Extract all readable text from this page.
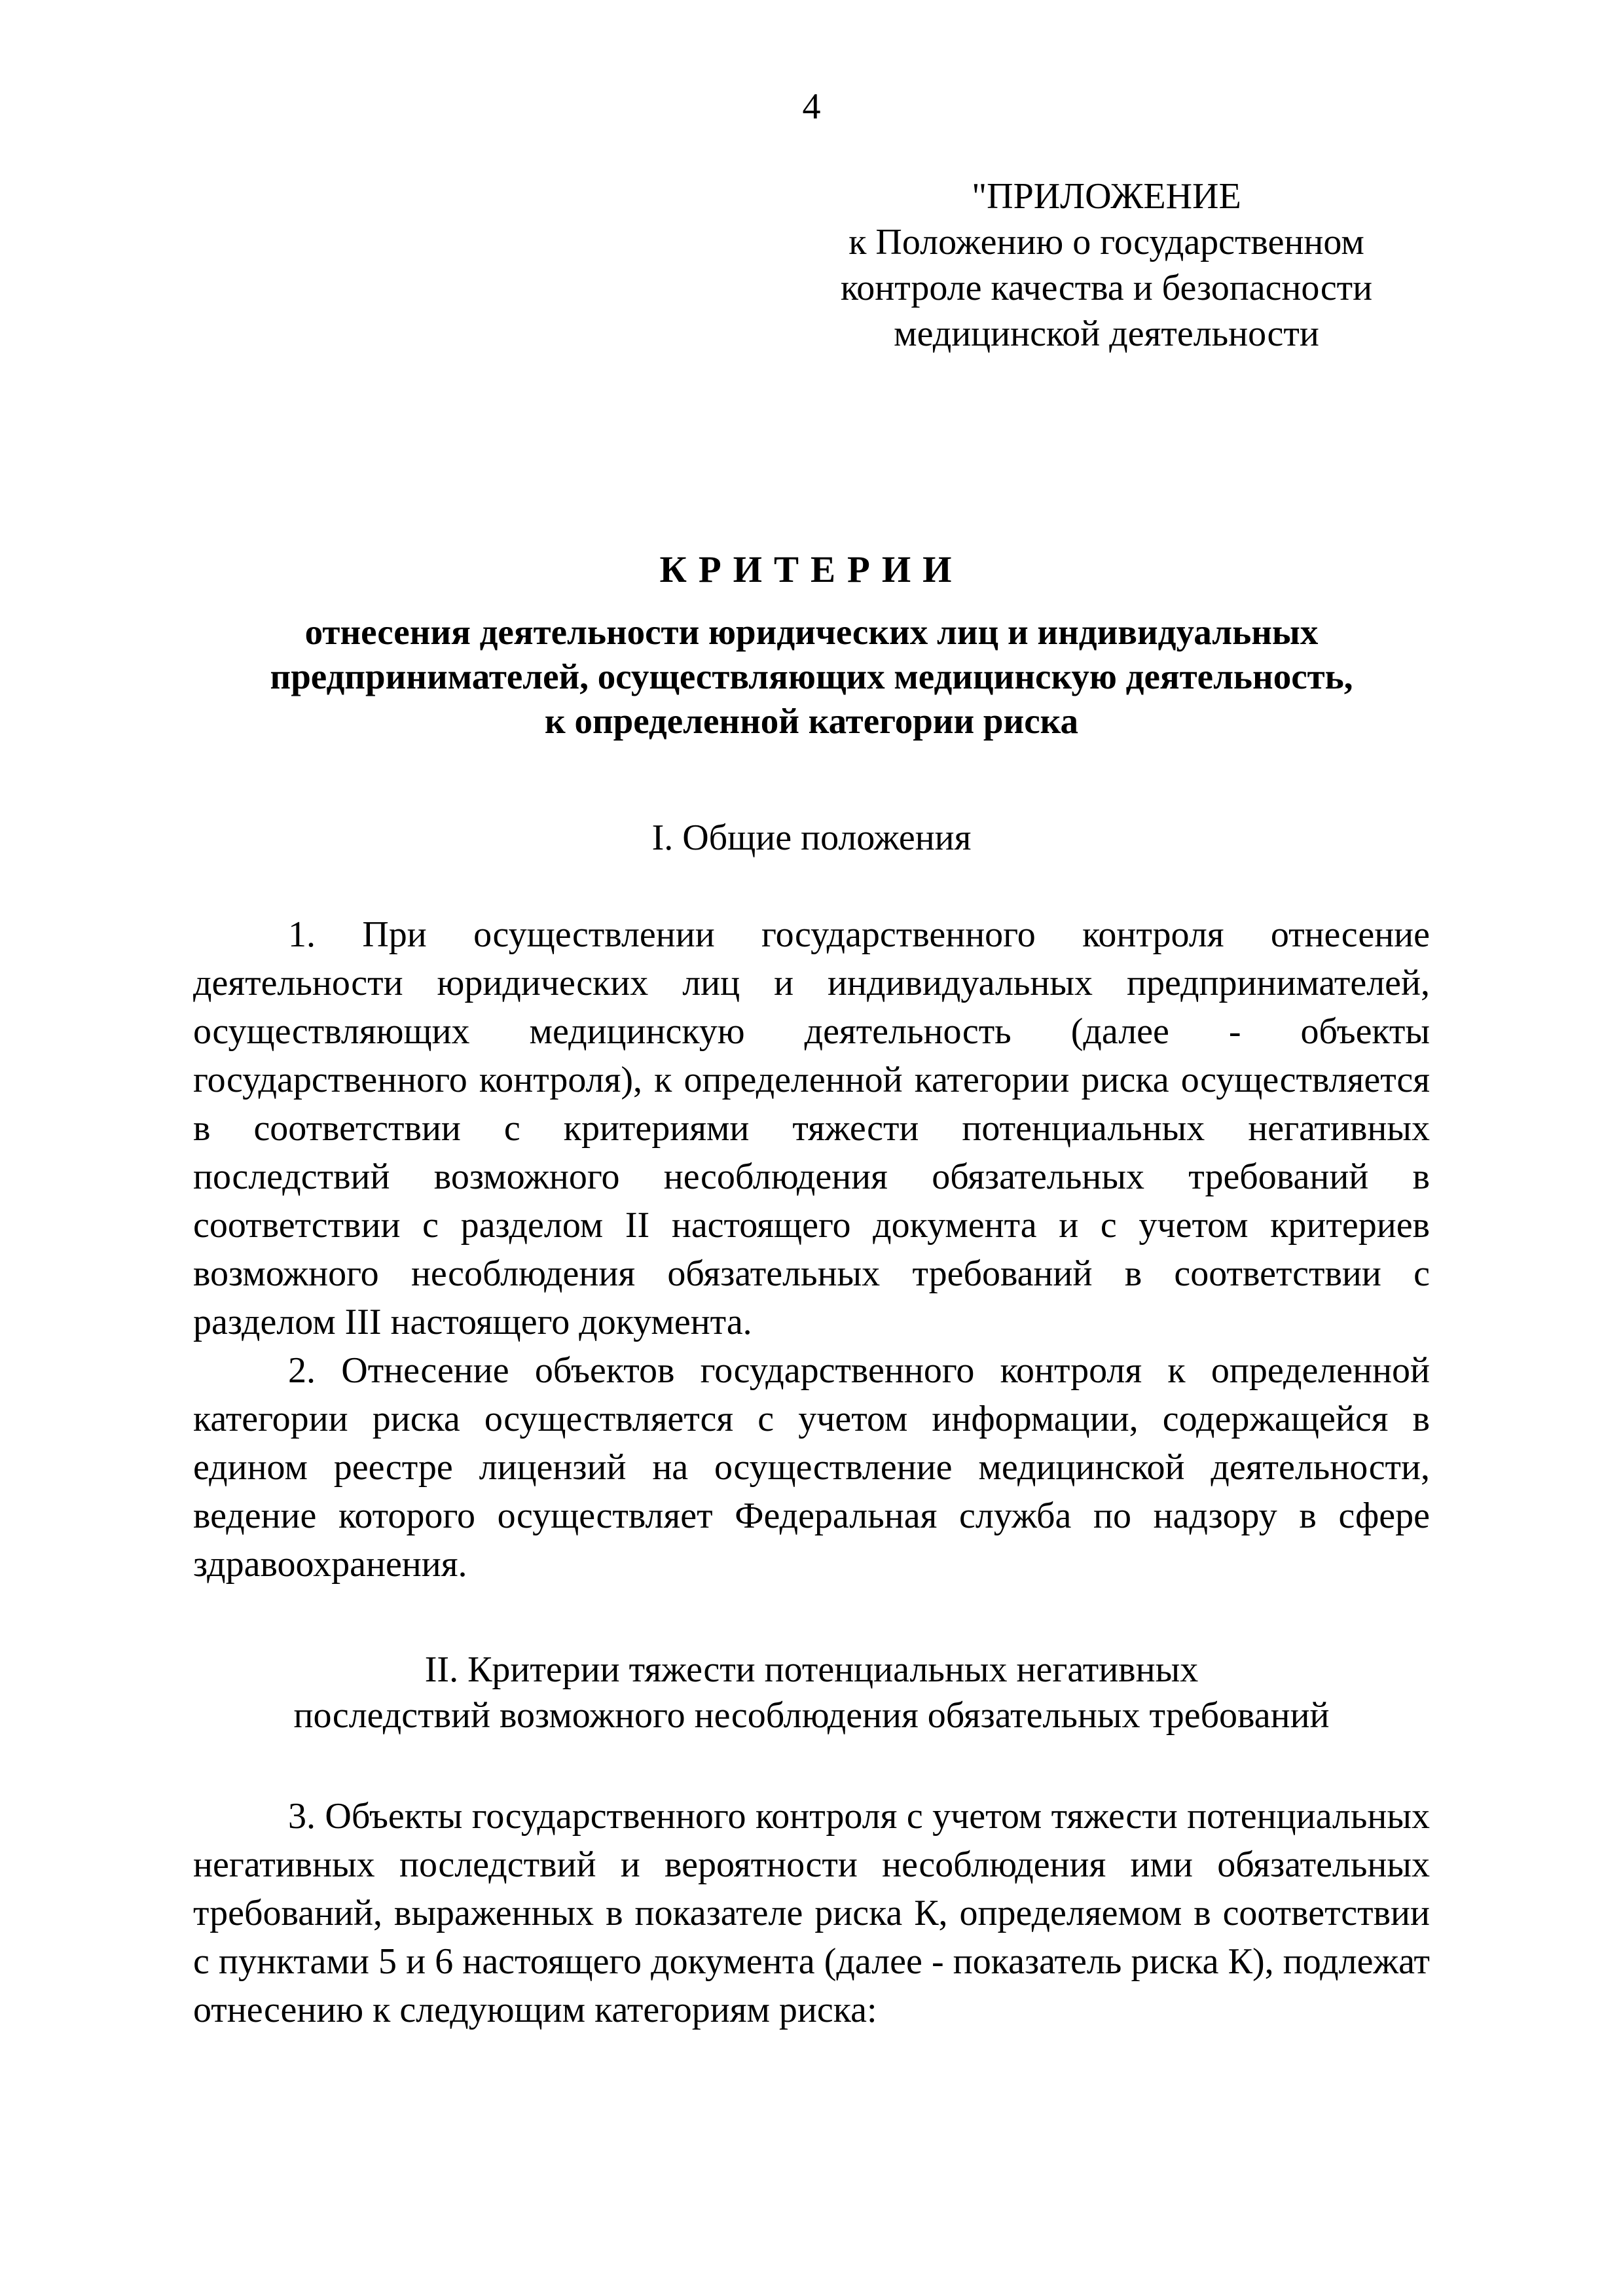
4
"ПРИЛОЖЕНИЕ
к Положению о государственном
контроле качества и безопасности
медицинской деятельности
КРИТЕРИИ
отнесения деятельности юридических лиц и индивидуальных
предпринимателей, осуществляющих медицинскую деятельность,
к определенной категории риска
I. Общие положения
1. При осуществлении государственного контроля отнесение деятельности юридических лиц и индивидуальных предпринимателей, осуществляющих медицинскую деятельность (далее - объекты государственного контроля), к определенной категории риска осуществляется в соответствии с критериями тяжести потенциальных негативных последствий возможного несоблюдения обязательных требований в соответствии с разделом II настоящего документа и с учетом критериев возможного несоблюдения обязательных требований в соответствии с разделом III настоящего документа.
2. Отнесение объектов государственного контроля к определенной категории риска осуществляется с учетом информации, содержащейся в едином реестре лицензий на осуществление медицинской деятельности, ведение которого осуществляет Федеральная служба по надзору в сфере здравоохранения.
II. Критерии тяжести потенциальных негативных
последствий возможного несоблюдения обязательных требований
3. Объекты государственного контроля с учетом тяжести потенциальных негативных последствий и вероятности несоблюдения ими обязательных требований, выраженных в показателе риска К, определяемом в соответствии с пунктами 5 и 6 настоящего документа (далее - показатель риска К), подлежат отнесению к следующим категориям риска:
